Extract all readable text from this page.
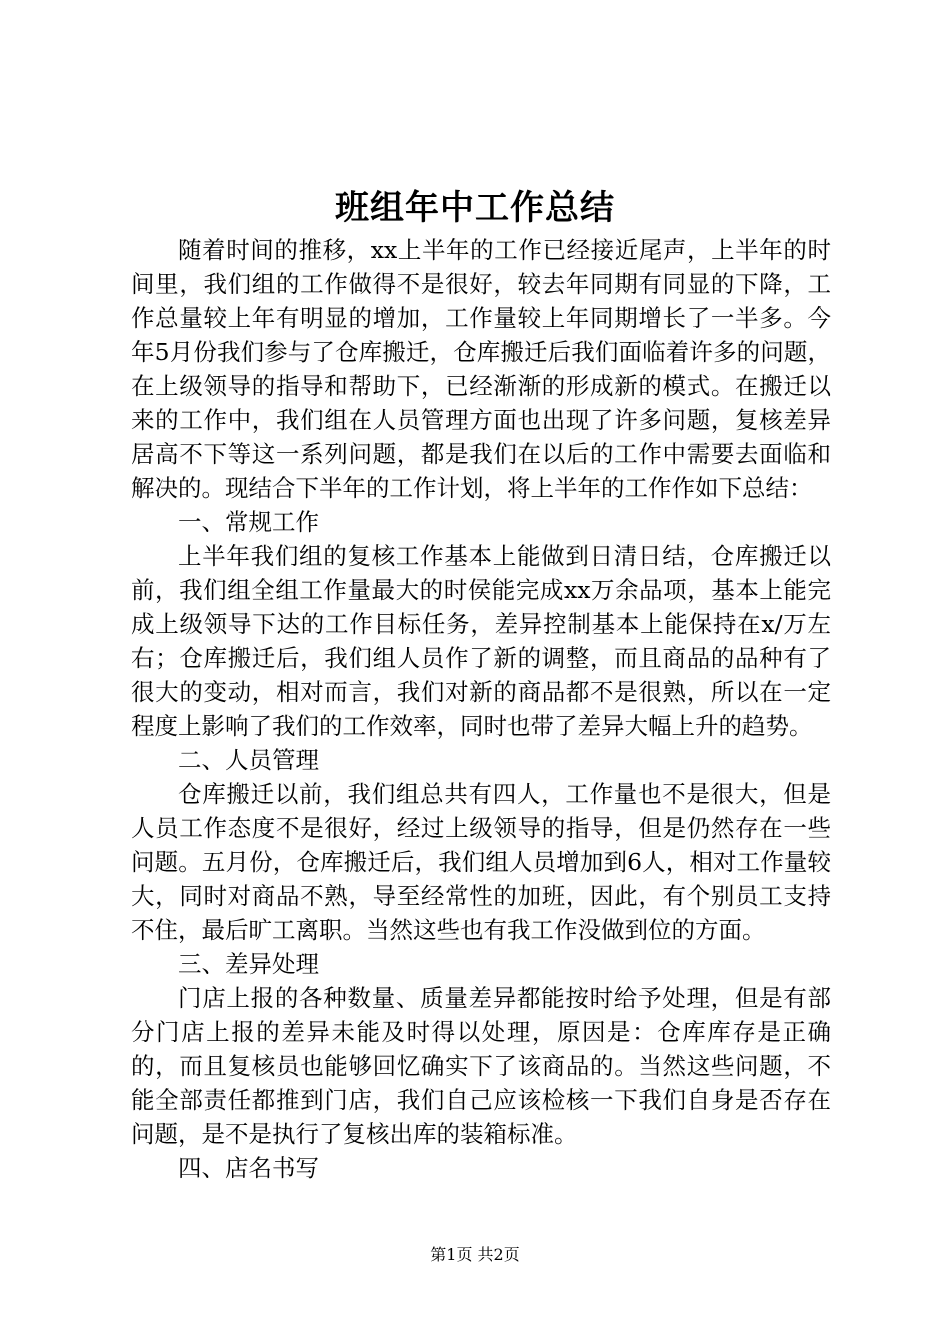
班组年中工作总结

随着时间的推移，xx上半年的工作已经接近尾声，上半年的时间里，我们组的工作做得不是很好，较去年同期有同显的下降，工作总量较上年有明显的增加，工作量较上年同期增长了一半多。今年5月份我们参与了仓库搬迁，仓库搬迁后我们面临着许多的问题，在上级领导的指导和帮助下，已经渐渐的形成新的模式。在搬迁以来的工作中，我们组在人员管理方面也出现了许多问题，复核差异居高不下等这一系列问题，都是我们在以后的工作中需要去面临和解决的。现结合下半年的工作计划，将上半年的工作作如下总结：

一、常规工作

上半年我们组的复核工作基本上能做到日清日结，仓库搬迁以前，我们组全组工作量最大的时侯能完成xx万余品项，基本上能完成上级领导下达的工作目标任务，差异控制基本上能保持在x/万左右；仓库搬迁后，我们组人员作了新的调整，而且商品的品种有了很大的变动，相对而言，我们对新的商品都不是很熟，所以在一定程度上影响了我们的工作效率，同时也带了差异大幅上升的趋势。

二、人员管理

仓库搬迁以前，我们组总共有四人，工作量也不是很大，但是人员工作态度不是很好，经过上级领导的指导，但是仍然存在一些问题。五月份，仓库搬迁后，我们组人员增加到6人，相对工作量较大，同时对商品不熟，导至经常性的加班，因此，有个别员工支持不住，最后旷工离职。当然这些也有我工作没做到位的方面。

三、差异处理

门店上报的各种数量、质量差异都能按时给予处理，但是有部分门店上报的差异未能及时得以处理，原因是：仓库库存是正确的，而且复核员也能够回忆确实下了该商品的。当然这些问题，不能全部责任都推到门店，我们自己应该检核一下我们自身是否存在问题，是不是执行了复核出库的装箱标准。

四、店名书写

第1页 共2页
